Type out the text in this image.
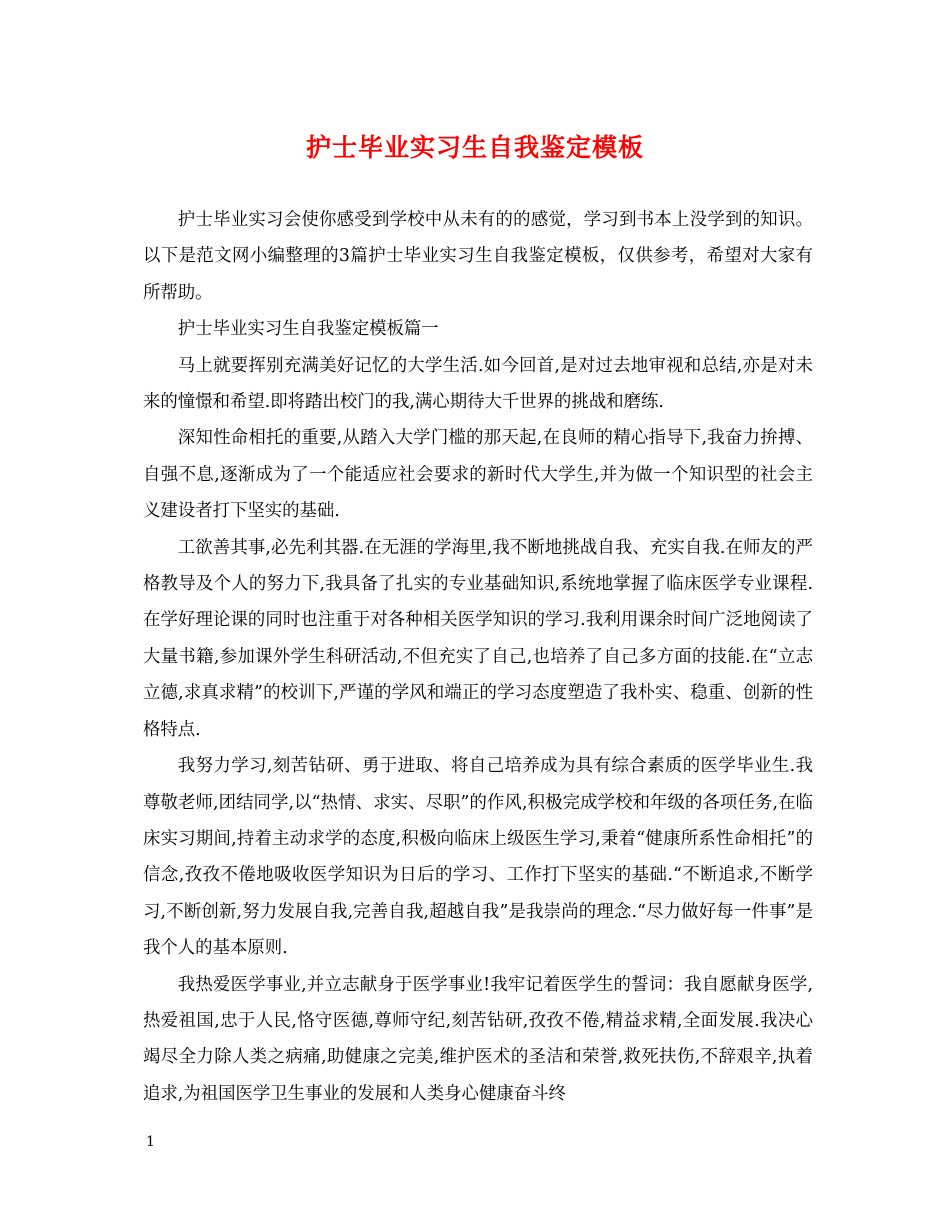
护士毕业实习生自我鉴定模板

护士毕业实习会使你感受到学校中从未有的的感觉，学习到书本上没学到的知识。以下是范文网小编整理的3篇护士毕业实习生自我鉴定模板，仅供参考，希望对大家有所帮助。

护士毕业实习生自我鉴定模板篇一

马上就要挥别充满美好记忆的大学生活.如今回首,是对过去地审视和总结,亦是对未来的憧憬和希望.即将踏出校门的我,满心期待大千世界的挑战和磨练.

深知性命相托的重要,从踏入大学门槛的那天起,在良师的精心指导下,我奋力拚搏、自强不息,逐渐成为了一个能适应社会要求的新时代大学生,并为做一个知识型的社会主义建设者打下坚实的基础.

工欲善其事,必先利其器.在无涯的学海里,我不断地挑战自我、充实自我.在师友的严格教导及个人的努力下,我具备了扎实的专业基础知识,系统地掌握了临床医学专业课程.在学好理论课的同时也注重于对各种相关医学知识的学习.我利用课余时间广泛地阅读了大量书籍,参加课外学生科研活动,不但充实了自己,也培养了自己多方面的技能.在“立志立德,求真求精”的校训下,严谨的学风和端正的学习态度塑造了我朴实、稳重、创新的性格特点.

我努力学习,刻苦钻研、勇于进取、将自己培养成为具有综合素质的医学毕业生.我尊敬老师,团结同学,以“热情、求实、尽职”的作风,积极完成学校和年级的各项任务,在临床实习期间,持着主动求学的态度,积极向临床上级医生学习,秉着“健康所系性命相托”的信念,孜孜不倦地吸收医学知识为日后的学习、工作打下坚实的基础.“不断追求,不断学习,不断创新,努力发展自我,完善自我,超越自我”是我崇尚的理念.“尽力做好每一件事”是我个人的基本原则.

我热爱医学事业,并立志献身于医学事业!我牢记着医学生的誓词：我自愿献身医学,热爱祖国,忠于人民,恪守医德,尊师守纪,刻苦钻研,孜孜不倦,精益求精,全面发展.我决心竭尽全力除人类之病痛,助健康之完美,维护医术的圣洁和荣誉,救死扶伤,不辞艰辛,执着追求,为祖国医学卫生事业的发展和人类身心健康奋斗终

1
